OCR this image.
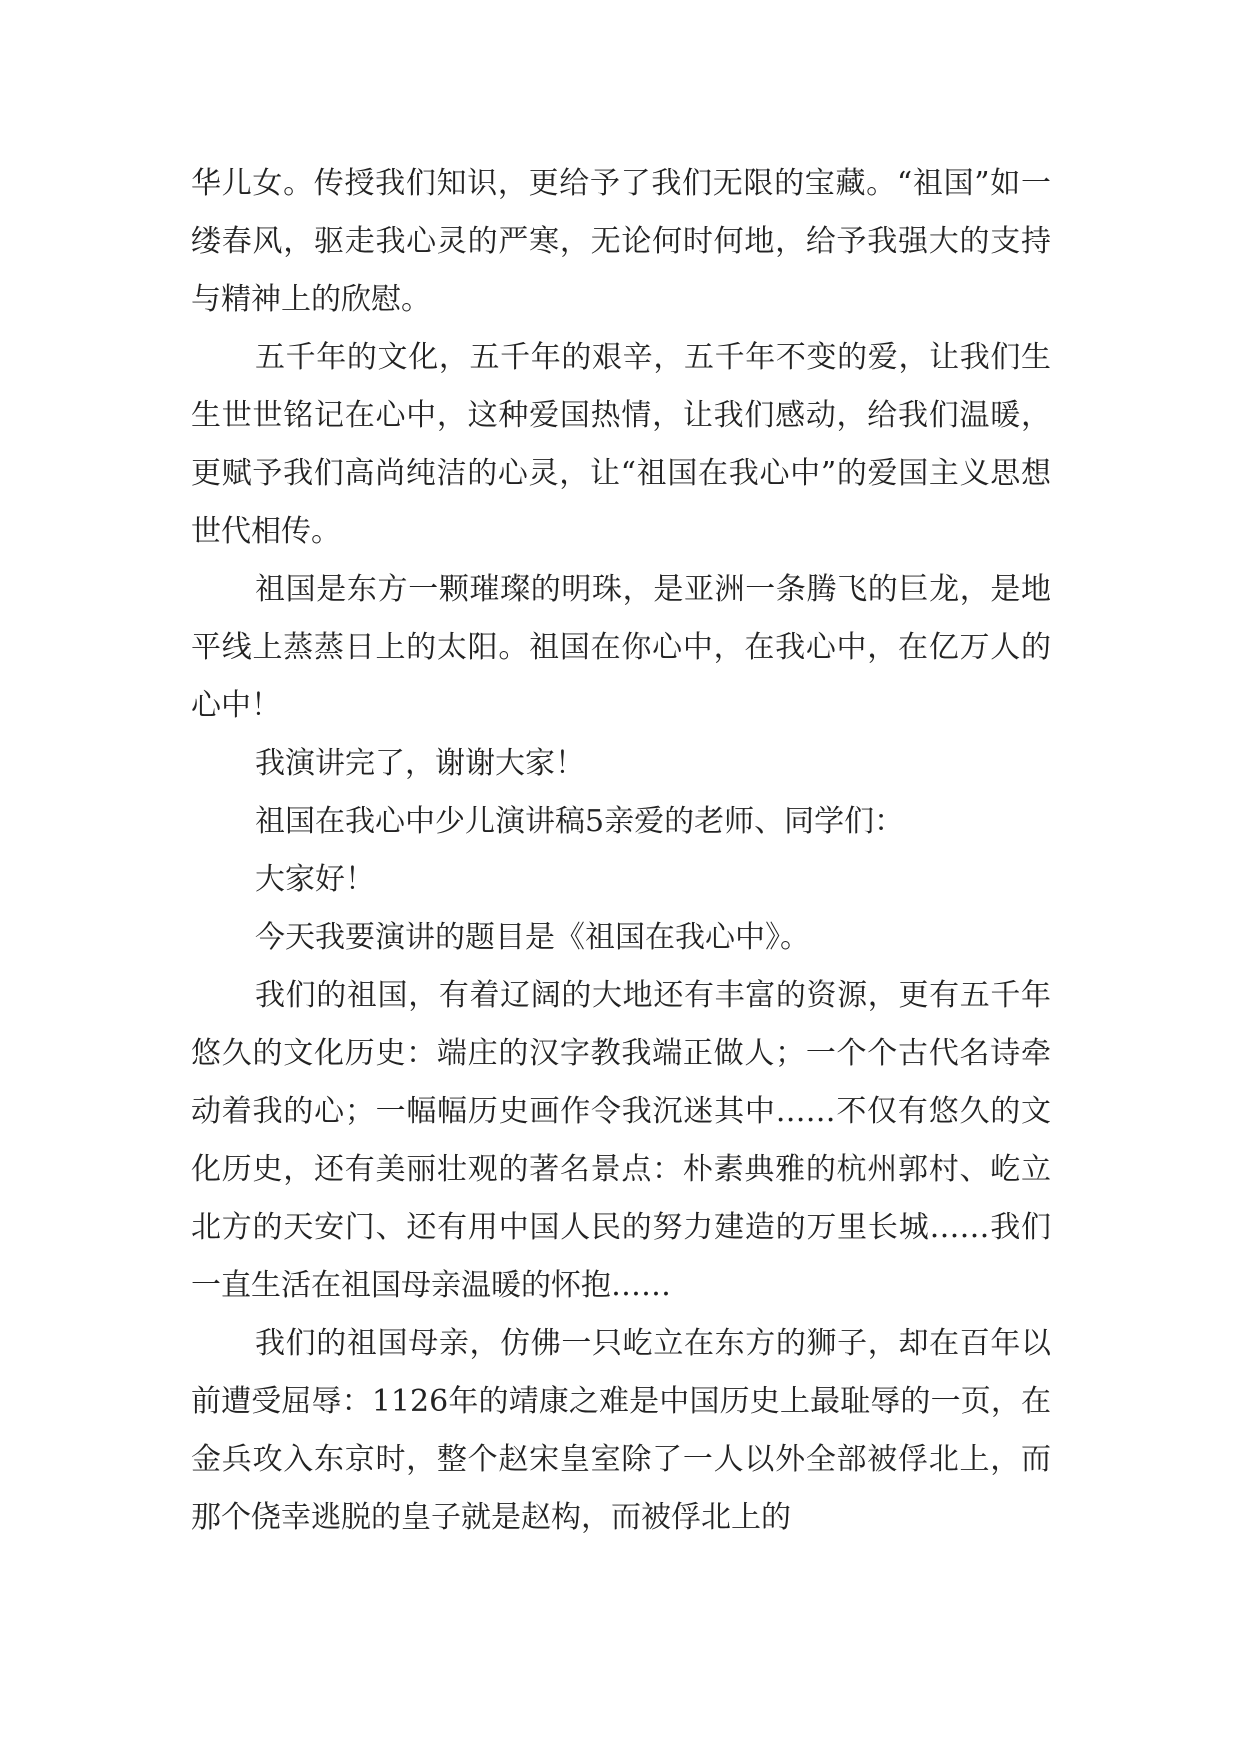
华儿女。传授我们知识，更给予了我们无限的宝藏。“祖国”如一缕春风，驱走我心灵的严寒，无论何时何地，给予我强大的支持与精神上的欣慰。

五千年的文化，五千年的艰辛，五千年不变的爱，让我们生生世世铭记在心中，这种爱国热情，让我们感动，给我们温暖，更赋予我们高尚纯洁的心灵，让“祖国在我心中”的爱国主义思想世代相传。

祖国是东方一颗璀璨的明珠，是亚洲一条腾飞的巨龙，是地平线上蒸蒸日上的太阳。祖国在你心中，在我心中，在亿万人的心中！

我演讲完了，谢谢大家！

祖国在我心中少儿演讲稿5亲爱的老师、同学们：

大家好！

今天我要演讲的题目是《祖国在我心中》。

我们的祖国，有着辽阔的大地还有丰富的资源，更有五千年悠久的文化历史：端庄的汉字教我端正做人；一个个古代名诗牵动着我的心；一幅幅历史画作令我沉迷其中……不仅有悠久的文化历史，还有美丽壮观的著名景点：朴素典雅的杭州郭村、屹立北方的天安门、还有用中国人民的努力建造的万里长城……我们一直生活在祖国母亲温暖的怀抱……

我们的祖国母亲，仿佛一只屹立在东方的狮子，却在百年以前遭受屈辱：1126年的靖康之难是中国历史上最耻辱的一页，在金兵攻入东京时，整个赵宋皇室除了一人以外全部被俘北上，而那个侥幸逃脱的皇子就是赵构，而被俘北上的
